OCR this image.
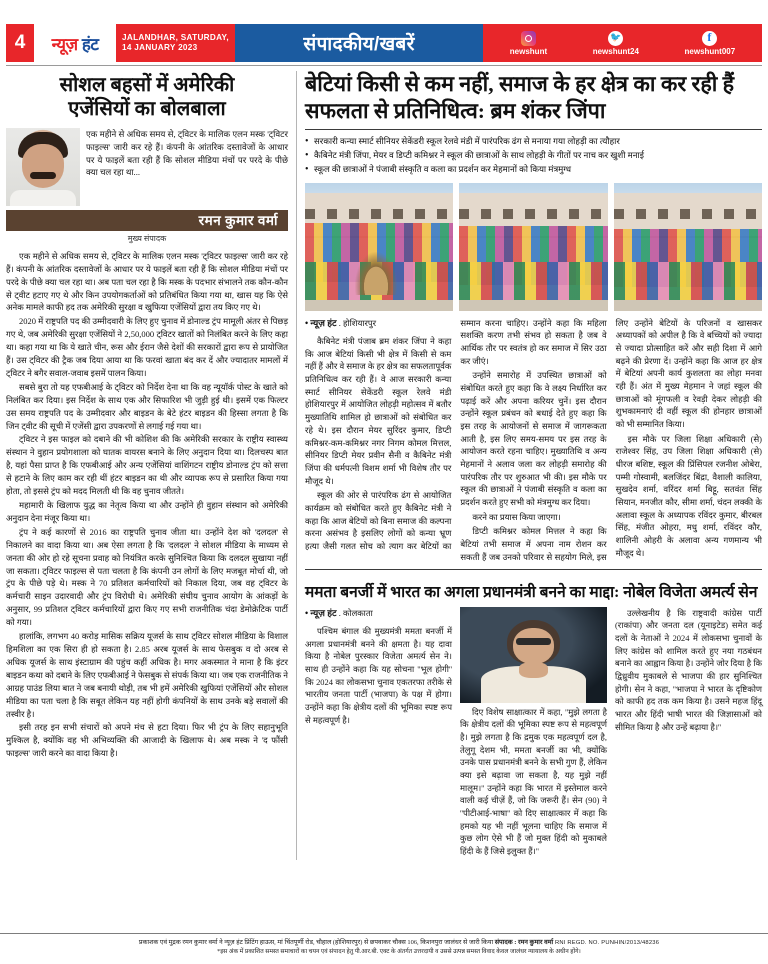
4	न्यूज़ हंट	JALANDHAR, SATURDAY,
14 JANUARY 2023	संपादकीय/खबरें	newshunt
🐦	newshunt24
f	newshunt007
सोशल बहसों में अमेरिकी
एजेंसियों का बोलबाला
एक महीने से अधिक समय से, ट्विटर के मालिक एलन मस्क 'ट्विटर फाइल्स' जारी कर रहे हैं। कंपनी के आंतरिक दस्तावेजों के आधार पर ये फाइलें बता रही हैं कि सोशल मीडिया मंचों पर परदे के पीछे क्या चल रहा था...
रमन कुमार वर्मा
मुख्य संपादक

एक महीने से अधिक समय से, ट्विटर के मालिक एलन मस्क 'ट्विटर फाइल्स' जारी कर रहे हैं। कंपनी के आंतरिक दस्तावेजों के आधार पर ये फाइलें बता रही हैं कि सोशल मीडिया मंचों पर परदे के पीछे क्या चल रहा था। अब पता चल रहा है कि मस्क के पदभार संभालने तक कौन-कौन से ट्वीट हटाए गए थे और किन उपयोगकर्ताओं को प्रतिबंधित किया गया था, खास यह कि ऐसे अनेक मामले काफी हद तक अमेरिकी सुरक्षा व खुफिया एजेंसियों द्वारा तय किए गए थे।

2020 में राष्ट्रपति पद की उम्मीदवारी के लिए हुए चुनाव में डोनाल्ड ट्रंप मामूली अंतर से पिछड़ गए थे, जब अमेरिकी सुरक्षा एजेंसियों ने 2,50,000 ट्विटर खातों को निलंबित करने के लिए कहा था। कहा गया था कि ये खाते चीन, रूस और ईरान जैसे देशों की सरकारों द्वारा रूप से प्रायोजित हैं। उस ट्विटर की ट्रैक जब दिया आया था कि फरवां खाता बंद कर दें और ज्यादातर मामलों में ट्विटर ने बगैर सवाल-जवाब इसमें पालन किया।

सबसे बुरा तो यह एफबीआई के ट्विटर को निर्देश देना था कि वह न्यूयॉर्क पोस्ट के खाते को निलंबित कर दिया। इस निर्देश के साथ एक और सिफारिश भी जुड़ी हुई थी। इसमें एक फिल्टर उस समय राष्ट्रपति पद के उम्मीदवार और बाइडन के बेटे हंटर बाइडन की हिस्सा लगता है कि जिन ट्वीट की सूची में एजेंसी द्वारा उपकरणों से लगाई गई गया था।

ट्विटर ने इस फाइल को दबाने की भी कोशिश की कि अमेरिकी सरकार के राष्ट्रीय स्वास्थ्य संस्थान ने वुहान प्रयोगशाला को घातक वायरस बनाने के लिए अनुदान दिया था। दिलचस्प बात है, यहां पैसा प्राप्त है कि एफबीआई और अन्य एजेंसियां वाशिंगटन राष्ट्रीय डोनाल्ड ट्रंप को सत्ता से हटाने के लिए काम कर रही थीं हंटर बाइडन का थी और व्यापक रूप से प्रसारित किया गया होता, तो इससे ट्रंप को मदद मिलती थी कि वह चुनाव जीतते।

महामारी के खिलाफ युद्ध का नेतृत्व किया था और उन्होंने ही वुहान संस्थान को अमेरिकी अनुदान देना मंजूर किया था।

ट्रंप ने कई कारणों से 2016 का राष्ट्रपति चुनाव जीता था। उन्होंने देश को 'दलदल' से निकालने का वादा किया था। अब ऐसा लगता है कि 'दलदल' ने सोशल मीडिया के माध्यम से जनता की ओर हो रहे सूचना प्रवाह को नियंत्रित करके सुनिश्चित किया कि दलदल सुखाया नहीं जा सकता। ट्विटर फाइल्स से पता चलता है कि कंपनी उन लोगों के लिए मजबूत मोर्चा थी, जो ट्रंप के पीछे पड़े थे। मस्क ने 70 प्रतिशत कर्मचारियों को निकाल दिया, जब वह ट्विटर के कर्मचारी साइन उदारवादी और ट्रंप विरोधी थे। अमेरिकी संघीय चुनाव आयोग के आंकड़ों के अनुसार, 99 प्रतिशत ट्विटर कर्मचारियों द्वारा किए गए सभी राजनीतिक चंदा डेमोक्रेटिक पार्टी को गया।

हालांकि, लगभग 40 करोड़ मासिक सक्रिय यूजर्स के साथ ट्विटर सोशल मीडिया के विशाल हिमशिला का एक सिरा ही हो सकता है। 2.85 अरब यूजर्स के साथ फेसबुक व दो अरब से अधिक यूजर्स के साथ इंस्टाग्राम की पहुंच कहीं अधिक है। मगर अकस्मात ने माना है कि इंटर बाइडन कथा को दबाने के लिए एफबीआई ने फेसबुक से संपर्क किया था। जब एक राजनीतिक ने आग्रह पाउंड लिया बात ने जब बनायी थोड़ी, तब भी हमें अमेरिकी खुफियां एजेंसियों और सोशल मीडिया का पता चला है कि सबूत लेकिन यह नहीं होगी कंपनियों के साथ उनके बड़े सवालों की तस्वीर है।

इसी तरह इन सभी संचारों को अपने मंच से हटा दिया। फिर भी ट्रंप के लिए सहानुभूति मुश्किल है, क्योंकि वह भी अभिव्यक्ति की आजादी के खिलाफ थे। अब मस्क ने 'द फौंसी फाइल्स' जारी करने का वादा किया है।

बेटियां किसी से कम नहीं, समाज के हर क्षेत्र का कर रही हैं सफलता से प्रतिनिधित्व: ब्रम शंकर जिंपा
• सरकारी कन्या स्मार्ट सीनियर सेकेंडरी स्कूल रेलवे मंडी में पारंपरिक ढंग से मनाया गया लोहड़ी का त्यौहार
• कैबिनेट मंत्री जिंपा, मेयर व डिप्टी कमिश्नर ने स्कूल की छात्राओं के साथ लोहड़ी के गीतों पर नाच कर खुशी मनाई
• स्कूल की छात्राओं ने पंजाबी संस्कृति व कला का प्रदर्शन कर मेहमानों को किया मंत्रमुग्ध
• न्यूज़ हंट . होशियारपुर

कैबिनेट मंत्री पंजाब ब्रम शंकर जिंपा ने कहा कि आज बेटियां किसी भी क्षेत्र में किसी से कम नहीं हैं और वे समाज के हर क्षेत्र का सफलतापूर्वक प्रतिनिधित्व कर रही हैं। वे आज सरकारी कन्या स्मार्ट सीनियर सेकेंडरी स्कूल रेलवे मंडी होशियारपुर में आयोजित लोहड़ी महोत्सव में बतौर मुख्यातिथि शामिल हो छात्राओं को संबोधित कर रहे थे। इस दौरान मेयर सुरिंदर कुमार, डिप्टी कमिश्नर-कम-कमिश्नर नगर निगम कोमल मित्तल, सीनियर डिप्टी मेयर प्रवीन सैनी व कैबिनेट मंत्री जिंपा की धर्मपत्नी विशम शर्मा भी विशेष तौर पर मौजूद थे।

स्कूल की ओर से पारंपरिक ढंग से आयोजित कार्यक्रम को संबोधित करते हुए कैबिनेट मंत्री ने कहा कि आज बेटियों को बिना समाज की कल्पना करना असंभव है इसलिए लोगों को कन्या भ्रूण हत्या जैसी गलत सोच को त्याग कर बेटियों का सम्मान करना चाहिए। उन्होंने कहा कि महिला सशक्ति करण तभी संभव हो सकता है जब वे आर्थिक तौर पर स्वतंत्र हो कर समाज में सिर उठा कर जीएं।

उन्होंने समारोह में उपस्थित छात्राओं को संबोधित करते हुए कहा कि वे लक्ष्य निर्धारित कर पढ़ाई करें और अपना करियर चुनें। इस दौरान उन्होंने स्कूल प्रबंधन को बधाई देते हुए कहा कि इस तरह के आयोजनों से समाज में जागरूकता आती है, इस लिए समय-समय पर इस तरह के आयोजन करते रहना चाहिए। मुख्यातिथि व अन्य मेहमानों ने अलाव जला कर लोहड़ी समारोह की पारंपरिक तौर पर शुरुआत भी की। इस मौके पर स्कूल की छात्राओं ने पंजाबी संस्कृति व कला का प्रदर्शन करते हुए सभी को मंत्रमुग्ध कर दिया।

करने का प्रयास किया जाएगा।

डिप्टी कमिश्नर कोमल मित्तल ने कहा कि बेटियां तभी समाज में अपना नाम रोशन कर सकती हैं जब उनको परिवार से सहयोग मिले, इस लिए उन्होंने बेटियों के परिजनों व खासकर अध्यापकों को अपील है कि वे बच्चियों को ज्यादा से ज्यादा प्रोत्साहित करें और सही दिशा में आगे बढ़ने की प्रेरणा दें। उन्होंने कहा कि आज हर क्षेत्र में बेटियां अपनी कार्य कुशलता का लोहा मनवा रही हैं। अंत में मुख्य मेहमान ने जहां स्कूल की छात्राओं को मूंगफली व रेवड़ी देकर लोहड़ी की शुभकामनाएं दी वहीं स्कूल की होनहार छात्राओं को भी सम्मानित किया।

इस मौके पर जिला शिक्षा अधिकारी (से) राजेश्वर सिंह, उप जिला शिक्षा अधिकारी (से) धीरज बशिष्ट, स्कूल की प्रिंसिपल रजनीश ओबेरा, पम्मी गोस्वामी, बलजिंदर बिंद्रा, वैशाली कालिया, सुखदेव शर्मा, वरिंदर शर्मा बिट्टू, सतवंत सिंह सियान, मनजीत कौर, सीमा शर्मा, चंदन लक्की के अलावा स्कूल के अध्यापक रविंदर कुमार, बीरबल सिंह, मंजीत ओहरा, मधु शर्मा, रविंदर कौर, शालिनी ओहरी के अलावा अन्य गणमान्य भी मौजूद थे।

ममता बनर्जी में भारत का अगला प्रधानमंत्री बनने का माद्दा: नोबेल विजेता अमर्त्य सेन
• न्यूज़ हंट . कोलकाता

पश्चिम बंगाल की मुख्यमंत्री ममता बनर्जी में अगला प्रधानमंत्री बनने की क्षमता है। यह दावा किया है नोबेल पुरस्कार विजेता अमर्त्य सेन ने। साथ ही उन्होंने कहा कि यह सोचना ''भूल होगी'' कि 2024 का लोकसभा चुनाव एकतरफा तरीके से भारतीय जनता पार्टी (भाजपा) के पक्ष में होगा। उन्होंने कहा कि क्षेत्रीय दलों की भूमिका स्पष्ट रूप से महत्वपूर्ण है।

दिए विशेष साक्षात्कार में कहा, ''मुझे लगता है कि क्षेत्रीय दलों की भूमिका स्पष्ट रूप से महत्वपूर्ण है। मुझे लगता है कि द्रमुक एक महत्वपूर्ण दल है, तेलुगू देशम भी, ममता बनर्जी का भी, क्योंकि उनके पास प्रधानमंत्री बनने के सभी गुण हैं, लेकिन क्या इसे बढ़ावा जा सकता है, यह मुझे नहीं मालूम।'' उन्होंने कहा कि भारत में इस्तेमाल करने वाली कई चीज़ें हैं, जो कि जरूरी हैं। सेन (90) ने ''पीटीआई-भाषा'' को दिए साक्षात्कार में कहा कि हमको यह भी नहीं भूलना चाहिए कि समाज में कुछ लोग ऐसे भी हैं जो मुक्त हिंदी को मुकाबले हिंदी के हैं जिसे इलुक्त हैं।''

उल्लेखनीय है कि राष्ट्रवादी कांग्रेस पार्टी (राकांपा) और जनता दल (यूनाइटेड) समेत कई दलों के नेताओं ने 2024 में लोकसभा चुनावों के लिए कांग्रेस को शामिल करते हुए नया गठबंधन बनाने का आह्वान किया है। उन्होंने जोर दिया है कि द्विध्रुवीय मुकाबले से भाजपा की हार सुनिश्चित होगी। सेन ने कहा, ''भाजपा ने भारत के दृष्टिकोण को काफी हद तक कम किया है। उसने महज हिंदू भारत और हिंदी भाषी भारत की जिज्ञासाओं को सीमित किया है और उन्हें बढ़ाया है।''

प्रकाशक एवं मुद्रक रमन कुमार वर्मा ने न्यूज़ हंट प्रिंटिंग हाऊस, मां चिंतपूर्णी रोड, चौहाल (होशियारपुर) से छपवाकर चौक्स 106, किशनपुरा जालंधर से जारी किया संपादक : रमन कुमार वर्मा RNI REGD. NO. PUNHIN/2013/48236
*इस अंक में प्रकाशित समस्त समाचारों का चयन एवं संपादन हेतु पी.आर.बी. एक्ट के अंतर्गत उत्तरदायी व उससे उत्पन्न समस्त विवाद केवल जालंधर न्यायालय के अधीन होंगे।
